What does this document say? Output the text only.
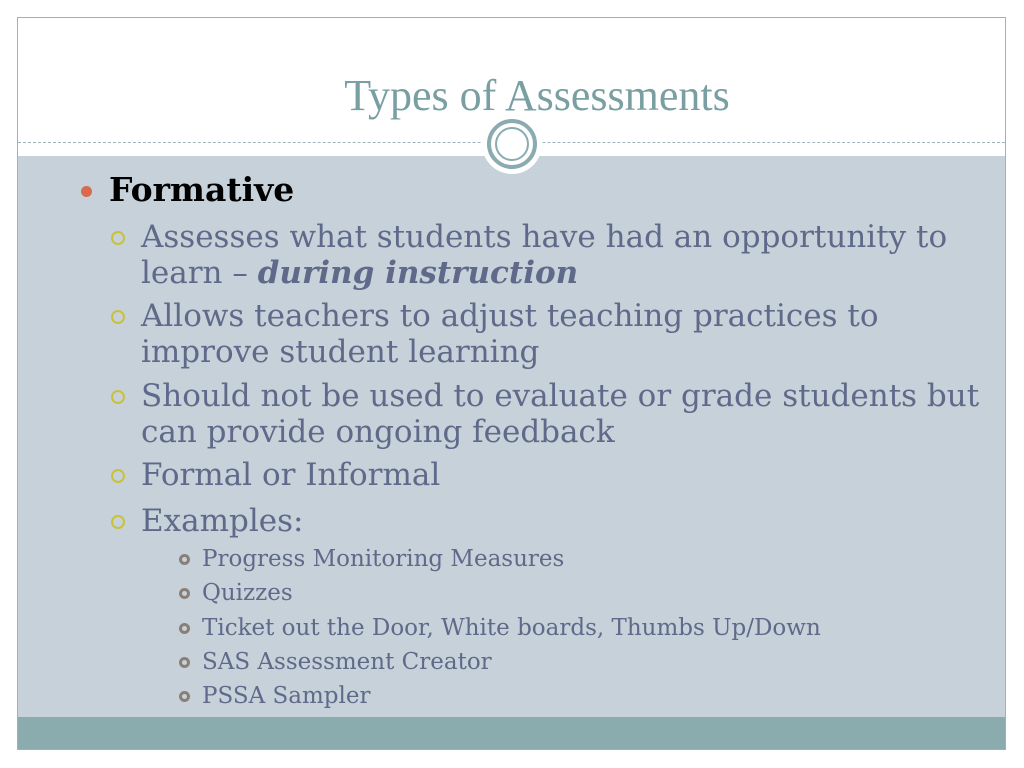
Types of Assessments
Formative
Assesses what students have had an opportunity to learn – during instruction
Allows teachers to adjust teaching practices to improve student learning
Should not be used to evaluate or grade students but can provide ongoing feedback
Formal or Informal
Examples:
Progress Monitoring Measures
Quizzes
Ticket out the Door, White boards, Thumbs Up/Down
SAS Assessment Creator
PSSA Sampler
